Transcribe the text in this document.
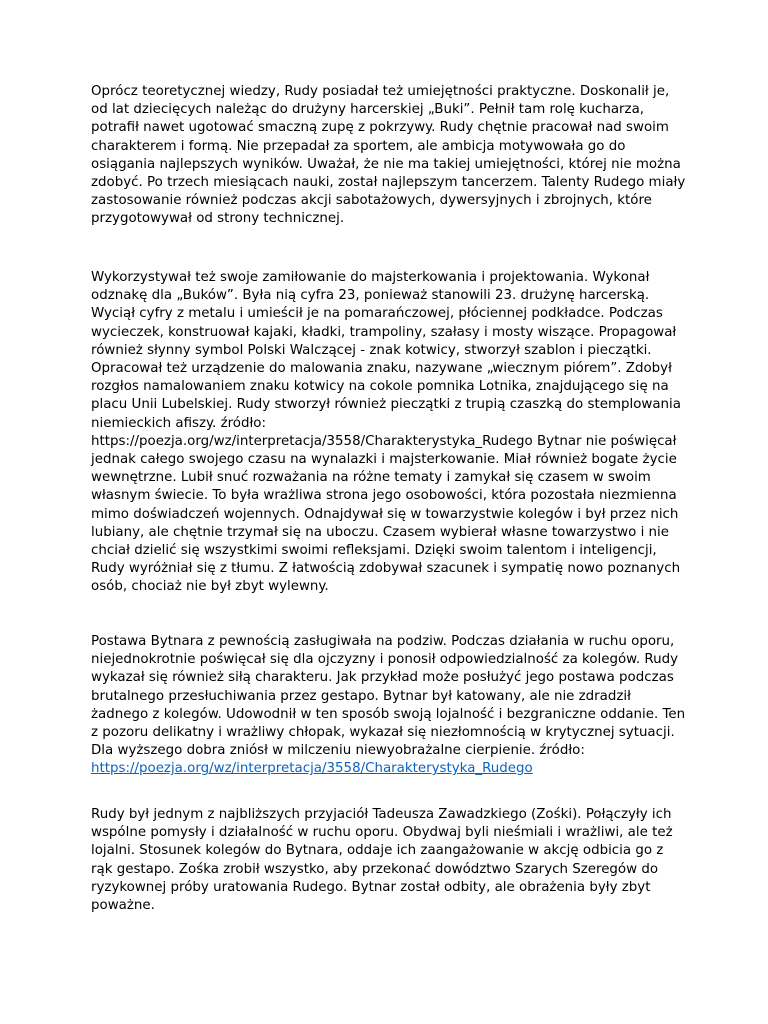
Oprócz teoretycznej wiedzy, Rudy posiadał też umiejętności praktyczne. Doskonalił je, od lat dziecięcych należąc do drużyny harcerskiej „Buki”. Pełnił tam rolę kucharza, potrafił nawet ugotować smaczną zupę z pokrzywy. Rudy chętnie pracował nad swoim charakterem i formą. Nie przepadał za sportem, ale ambicja motywowała go do osiągania najlepszych wyników. Uważał, że nie ma takiej umiejętności, której nie można zdobyć. Po trzech miesiącach nauki, został najlepszym tancerzem. Talenty Rudego miały zastosowanie również podczas akcji sabotażowych, dywersyjnych i zbrojnych, które przygotowywał od strony technicznej.

Wykorzystywał też swoje zamiłowanie do majsterkowania i projektowania. Wykonał odznakę dla „Buków”. Była nią cyfra 23, ponieważ stanowili 23. drużynę harcerską. Wyciął cyfry z metalu i umieścił je na pomarańczowej, płóciennej podkładce. Podczas wycieczek, konstruował kajaki, kładki, trampoliny, szałasy i mosty wiszące. Propagował również słynny symbol Polski Walczącej - znak kotwicy, stworzył szablon i pieczątki. Opracował też urządzenie do malowania znaku, nazywane „wiecznym piórem”. Zdobył rozgłos namalowaniem znaku kotwicy na cokole pomnika Lotnika, znajdującego się na placu Unii Lubelskiej. Rudy stworzył również pieczątki z trupią czaszką do stemplowania niemieckich afiszy. źródło: https://poezja.org/wz/interpretacja/3558/Charakterystyka_Rudego Bytnar nie poświęcał jednak całego swojego czasu na wynalazki i majsterkowanie. Miał również bogate życie wewnętrzne. Lubił snuć rozważania na różne tematy i zamykał się czasem w swoim własnym świecie. To była wrażliwa strona jego osobowości, która pozostała niezmienna mimo doświadczeń wojennych. Odnajdywał się w towarzystwie kolegów i był przez nich lubiany, ale chętnie trzymał się na uboczu. Czasem wybierał własne towarzystwo i nie chciał dzielić się wszystkimi swoimi refleksjami. Dzięki swoim talentom i inteligencji, Rudy wyróżniał się z tłumu. Z łatwością zdobywał szacunek i sympatię nowo poznanych osób, chociaż nie był zbyt wylewny.

Postawa Bytnara z pewnością zasługiwała na podziw. Podczas działania w ruchu oporu, niejednokrotnie poświęcał się dla ojczyzny i ponosił odpowiedzialność za kolegów. Rudy wykazał się również siłą charakteru. Jak przykład może posłużyć jego postawa podczas brutalnego przesłuchiwania przez gestapo. Bytnar był katowany, ale nie zdradził żadnego z kolegów. Udowodnił w ten sposób swoją lojalność i bezgraniczne oddanie. Ten z pozoru delikatny i wrażliwy chłopak, wykazał się niezłomnością w krytycznej sytuacji. Dla wyższego dobra zniósł w milczeniu niewyobrażalne cierpienie. źródło:
https://poezja.org/wz/interpretacja/3558/Charakterystyka_Rudego

Rudy był jednym z najbliższych przyjaciół Tadeusza Zawadzkiego (Zośki). Połączyły ich wspólne pomysły i działalność w ruchu oporu. Obydwaj byli nieśmiali i wrażliwi, ale też lojalni. Stosunek kolegów do Bytnara, oddaje ich zaangażowanie w akcję odbicia go z rąk gestapo. Zośka zrobił wszystko, aby przekonać dowództwo Szarych Szeregów do ryzykownej próby uratowania Rudego. Bytnar został odbity, ale obrażenia były zbyt poważne.
